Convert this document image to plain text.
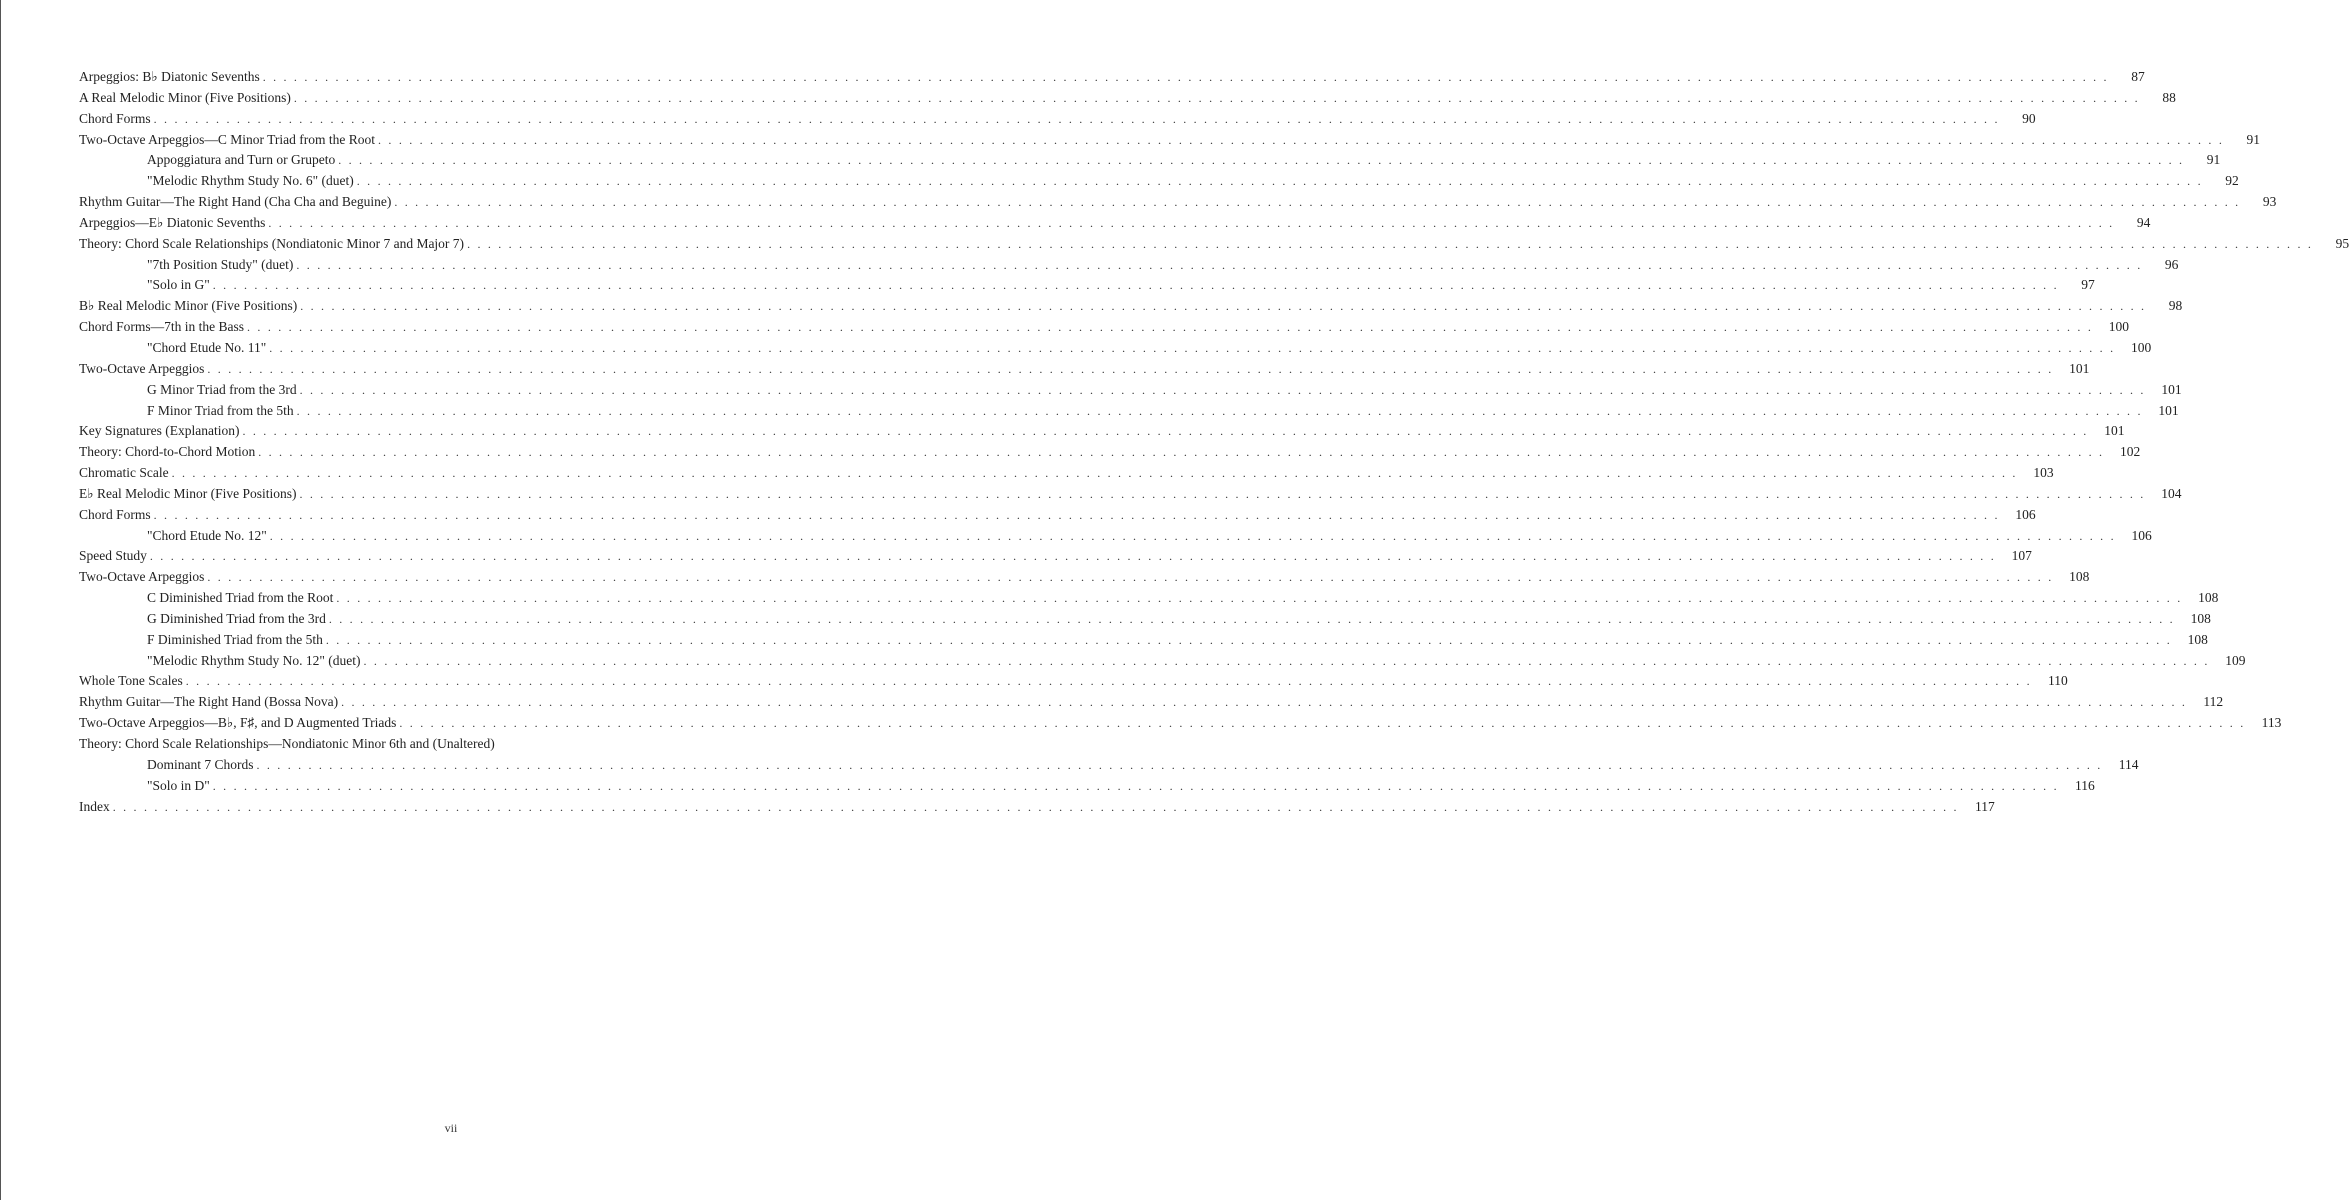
Arpeggios: B♭ Diatonic Sevenths . . .	87
A Real Melodic Minor (Five Positions) . . .	88
Chord Forms . . .	90
Two-Octave Arpeggios—C Minor Triad from the Root . . .	91
Appoggiatura and Turn or Grupeto . . .	91
"Melodic Rhythm Study No. 6" (duet) . . .	92
Rhythm Guitar—The Right Hand (Cha Cha and Beguine) . . .	93
Arpeggios—E♭ Diatonic Sevenths . . .	94
Theory: Chord Scale Relationships (Nondiatonic Minor 7 and Major 7) . . .	95
"7th Position Study" (duet) . . .	96
"Solo in G" . . .	97
B♭ Real Melodic Minor (Five Positions) . . .	98
Chord Forms—7th in the Bass . . .	100
"Chord Etude No. 11" . . .	100
Two-Octave Arpeggios . . .	101
G Minor Triad from the 3rd . . .	101
F Minor Triad from the 5th . . .	101
Key Signatures (Explanation) . . .	101
Theory: Chord-to-Chord Motion . . .	102
Chromatic Scale . . .	103
E♭ Real Melodic Minor (Five Positions) . . .	104
Chord Forms . . .	106
"Chord Etude No. 12" . . .	106
Speed Study . . .	107
Two-Octave Arpeggios . . .	108
C Diminished Triad from the Root . . .	108
G Diminished Triad from the 3rd . . .	108
F Diminished Triad from the 5th . . .	108
"Melodic Rhythm Study No. 12" (duet) . . .	109
Whole Tone Scales . . .	110
Rhythm Guitar—The Right Hand (Bossa Nova) . . .	112
Two-Octave Arpeggios—B♭, F♯, and D Augmented Triads . . .	113
Theory: Chord Scale Relationships—Nondiatonic Minor 6th and (Unaltered)
Dominant 7 Chords . . .	114
"Solo in D" . . .	116
Index . . .	117
vii
